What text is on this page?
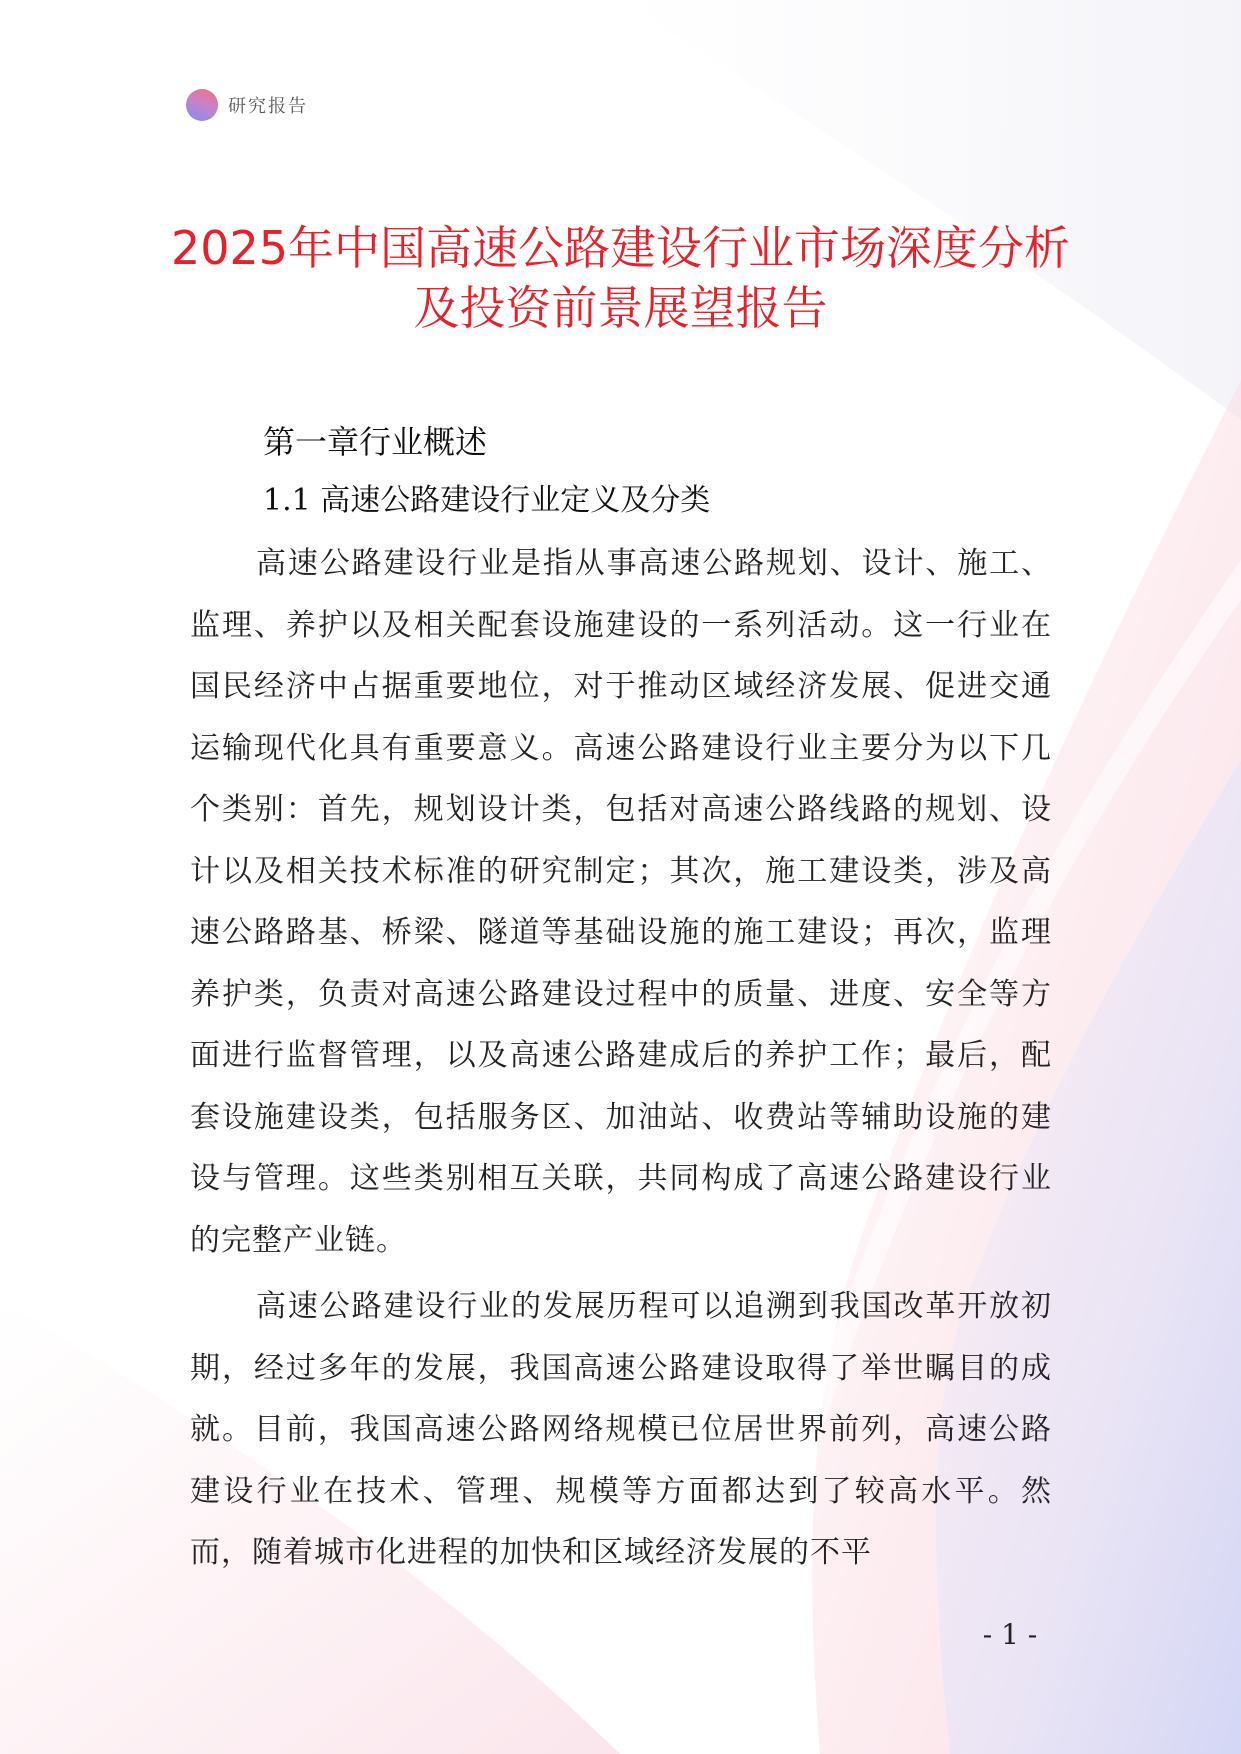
研究报告
2025年中国高速公路建设行业市场深度分析及投资前景展望报告
第一章行业概述
1.1 高速公路建设行业定义及分类

高速公路建设行业是指从事高速公路规划、设计、施工、监理、养护以及相关配套设施建设的一系列活动。这一行业在国民经济中占据重要地位，对于推动区域经济发展、促进交通运输现代化具有重要意义。高速公路建设行业主要分为以下几个类别：首先，规划设计类，包括对高速公路线路的规划、设计以及相关技术标准的研究制定；其次，施工建设类，涉及高速公路路基、桥梁、隧道等基础设施的施工建设；再次，监理养护类，负责对高速公路建设过程中的质量、进度、安全等方面进行监督管理，以及高速公路建成后的养护工作；最后，配套设施建设类，包括服务区、加油站、收费站等辅助设施的建设与管理。这些类别相互关联，共同构成了高速公路建设行业的完整产业链。

高速公路建设行业的发展历程可以追溯到我国改革开放初期，经过多年的发展，我国高速公路建设取得了举世瞩目的成就。目前，我国高速公路网络规模已位居世界前列，高速公路建设行业在技术、管理、规模等方面都达到了较高水平。然而，随着城市化进程的加快和区域经济发展的不平

- 1 -
